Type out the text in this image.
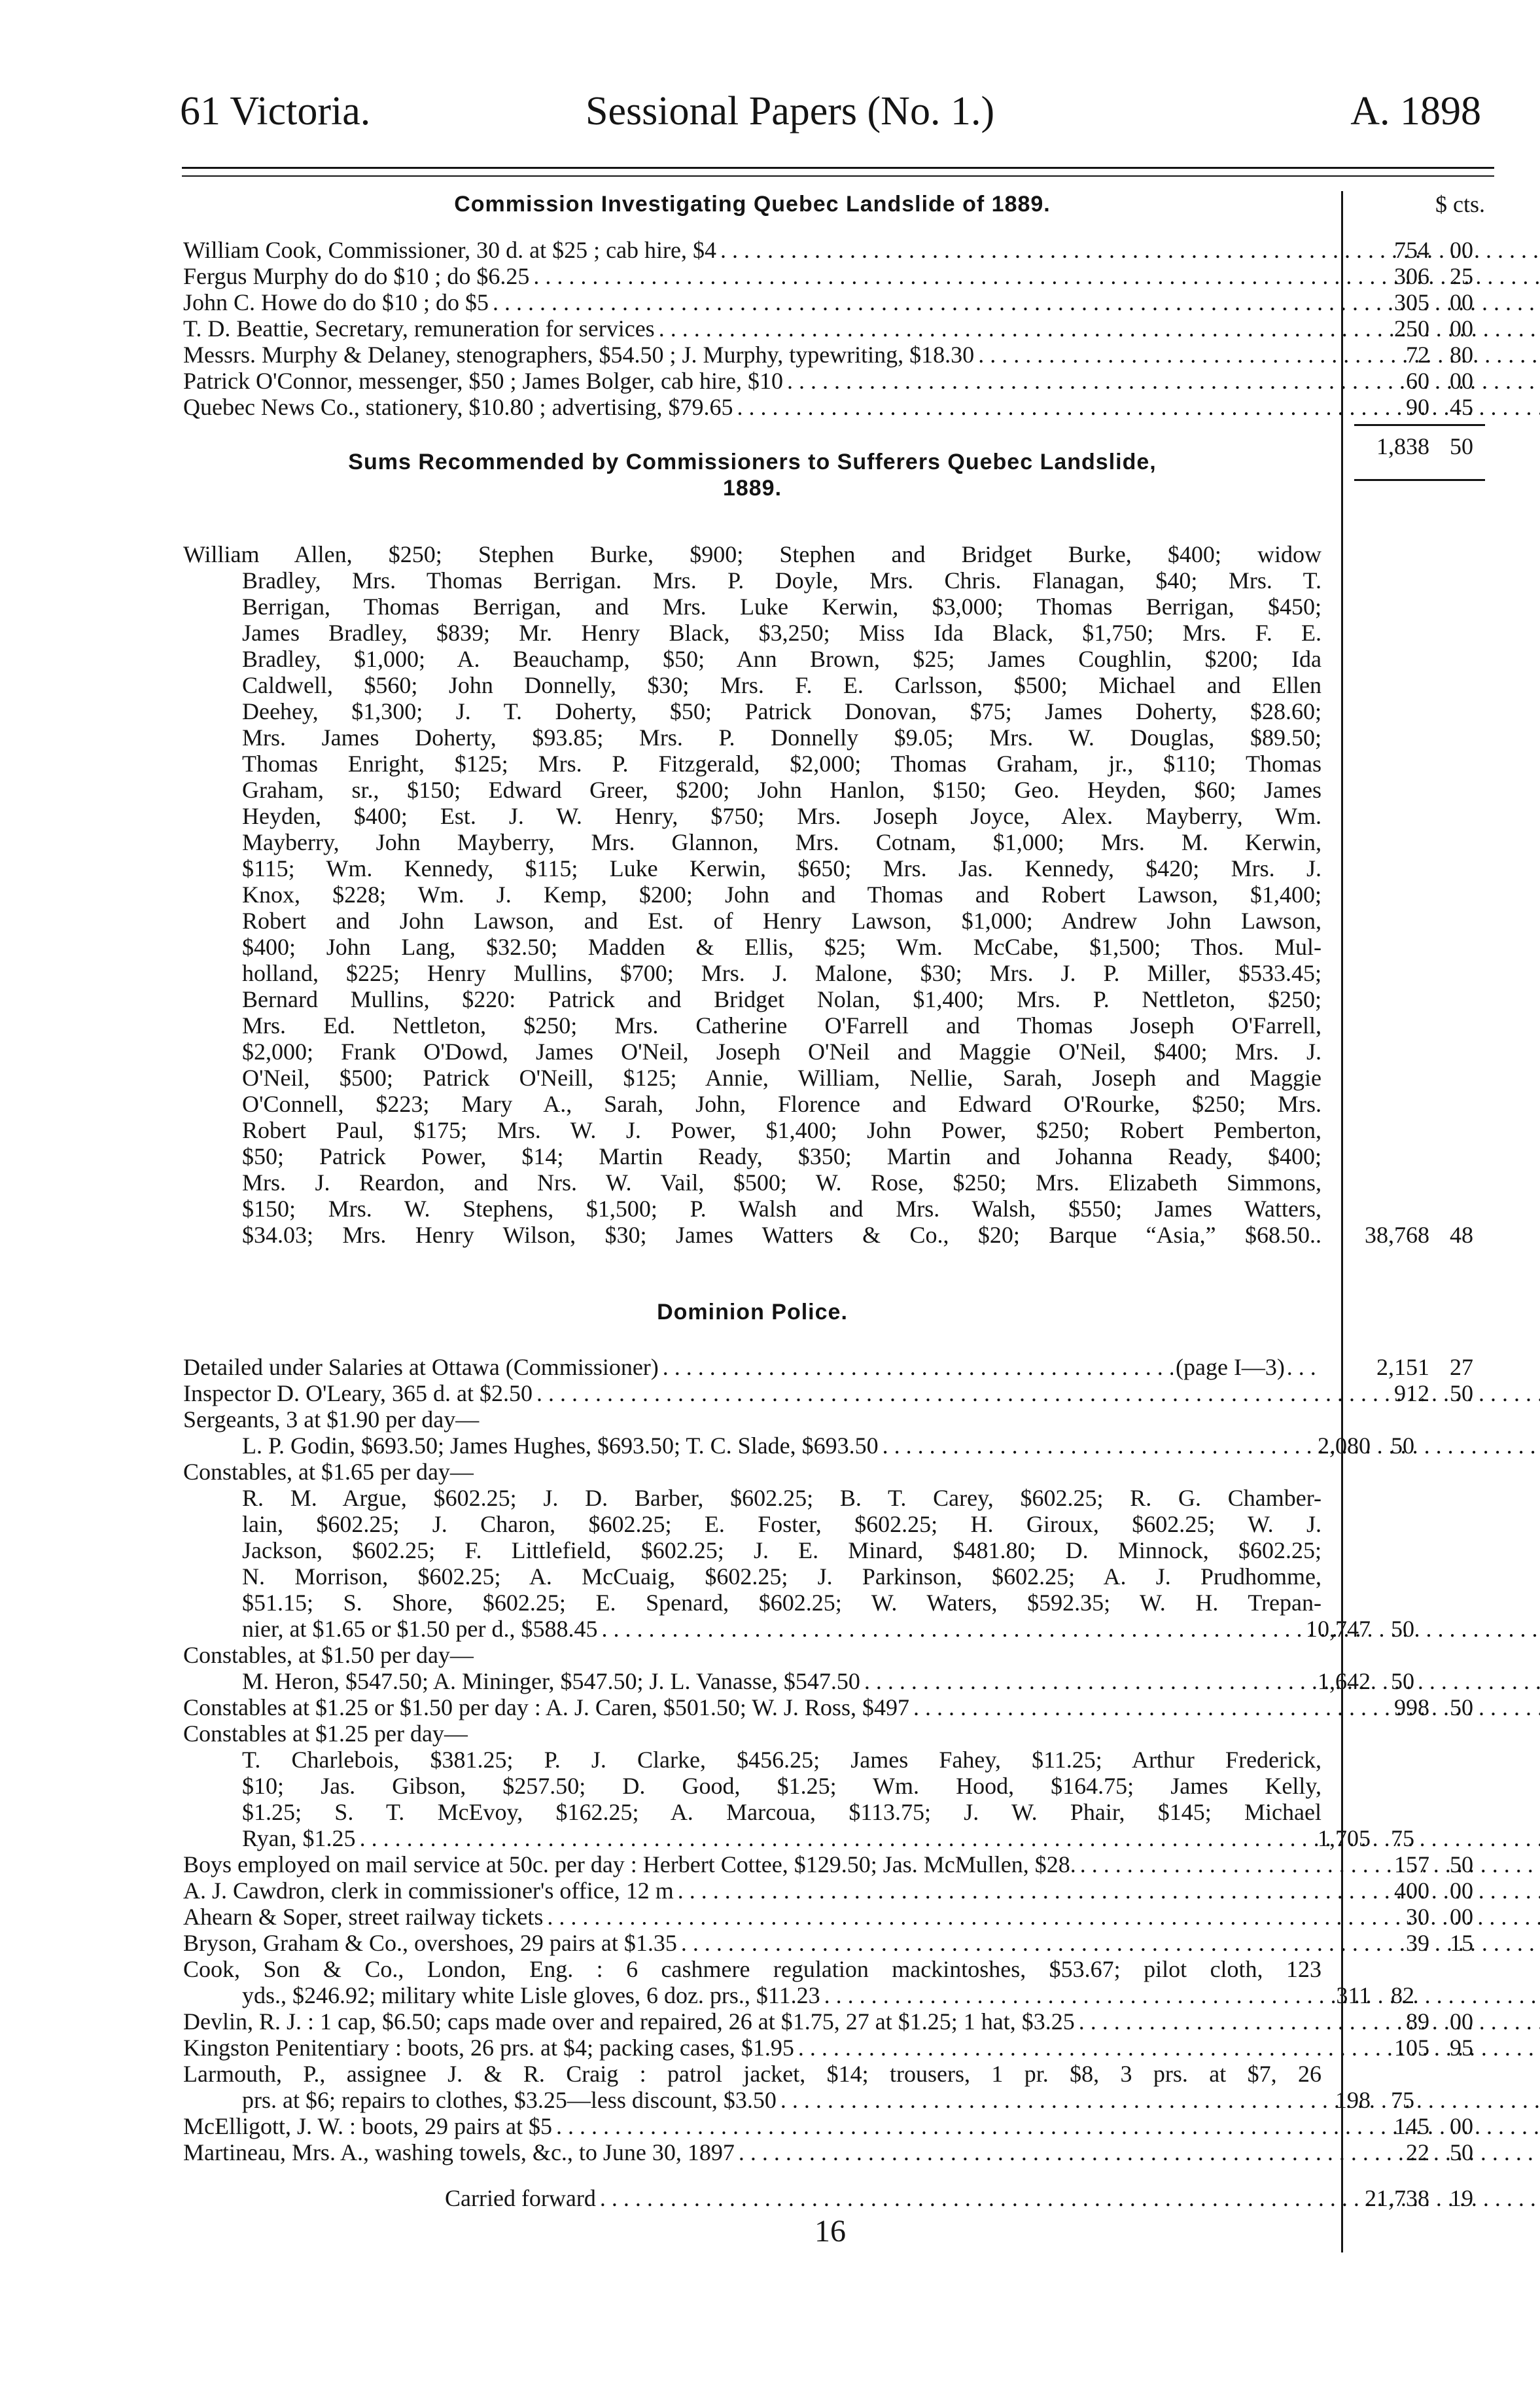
61 Victoria.	Sessional Papers (No. 1.)	A. 1898
$ cts.
Commission Investigating Quebec Landslide of 1889.
William Cook, Commissioner, 30 d. at $25 ; cab hire, $4	754 00
Fergus Murphy do do $10 ; do $6.25	306 25
John C. Howe do do $10 ; do $5	305 00
T. D. Beattie, Secretary, remuneration for services	250 00
Messrs. Murphy & Delaney, stenographers, $54.50 ; J. Murphy, typewriting, $18.30	72 80
Patrick O'Connor, messenger, $50 ; James Bolger, cab hire, $10	60 00
Quebec News Co., stationery, $10.80 ; advertising, $79.65	90 45
1,838 50
Sums Recommended by Commissioners to Sufferers Quebec Landslide,
1889.
William Allen, $250; Stephen Burke, $900; Stephen and Bridget Burke, $400; widow
Bradley, Mrs. Thomas Berrigan. Mrs. P. Doyle, Mrs. Chris. Flanagan, $40; Mrs. T.
Berrigan, Thomas Berrigan, and Mrs. Luke Kerwin, $3,000; Thomas Berrigan, $450;
James Bradley, $839; Mr. Henry Black, $3,250; Miss Ida Black, $1,750; Mrs. F. E.
Bradley, $1,000; A. Beauchamp, $50; Ann Brown, $25; James Coughlin, $200; Ida
Caldwell, $560; John Donnelly, $30; Mrs. F. E. Carlsson, $500; Michael and Ellen
Deehey, $1,300; J. T. Doherty, $50; Patrick Donovan, $75; James Doherty, $28.60;
Mrs. James Doherty, $93.85; Mrs. P. Donnelly $9.05; Mrs. W. Douglas, $89.50;
Thomas Enright, $125; Mrs. P. Fitzgerald, $2,000; Thomas Graham, jr., $110; Thomas
Graham, sr., $150; Edward Greer, $200; John Hanlon, $150; Geo. Heyden, $60; James
Heyden, $400; Est. J. W. Henry, $750; Mrs. Joseph Joyce, Alex. Mayberry, Wm.
Mayberry, John Mayberry, Mrs. Glannon, Mrs. Cotnam, $1,000; Mrs. M. Kerwin,
$115; Wm. Kennedy, $115; Luke Kerwin, $650; Mrs. Jas. Kennedy, $420; Mrs. J.
Knox, $228; Wm. J. Kemp, $200; John and Thomas and Robert Lawson, $1,400;
Robert and John Lawson, and Est. of Henry Lawson, $1,000; Andrew John Lawson,
$400; John Lang, $32.50; Madden & Ellis, $25; Wm. McCabe, $1,500; Thos. Mul-
holland, $225; Henry Mullins, $700; Mrs. J. Malone, $30; Mrs. J. P. Miller, $533.45;
Bernard Mullins, $220: Patrick and Bridget Nolan, $1,400; Mrs. P. Nettleton, $250;
Mrs. Ed. Nettleton, $250; Mrs. Catherine O'Farrell and Thomas Joseph O'Farrell,
$2,000; Frank O'Dowd, James O'Neil, Joseph O'Neil and Maggie O'Neil, $400; Mrs. J.
O'Neil, $500; Patrick O'Neill, $125; Annie, William, Nellie, Sarah, Joseph and Maggie
O'Connell, $223; Mary A., Sarah, John, Florence and Edward O'Rourke, $250; Mrs.
Robert Paul, $175; Mrs. W. J. Power, $1,400; John Power, $250; Robert Pemberton,
$50; Patrick Power, $14; Martin Ready, $350; Martin and Johanna Ready, $400;
Mrs. J. Reardon, and Nrs. W. Vail, $500; W. Rose, $250; Mrs. Elizabeth Simmons,
$150; Mrs. W. Stephens, $1,500; P. Walsh and Mrs. Walsh, $550; James Watters,
$34.03; Mrs. Henry Wilson, $30; James Watters & Co., $20; Barque “Asia,” $68.50..	38,768 48
Dominion Police.
Detailed under Salaries at Ottawa (Commissioner)	(page I—3)	2,151 27
Inspector D. O'Leary, 365 d. at $2.50	912 50
Sergeants, 3 at $1.90 per day—
L. P. Godin, $693.50; James Hughes, $693.50; T. C. Slade, $693.50	2,080 50
Constables, at $1.65 per day—
R. M. Argue, $602.25; J. D. Barber, $602.25; B. T. Carey, $602.25; R. G. Chamber-
lain, $602.25; J. Charon, $602.25; E. Foster, $602.25; H. Giroux, $602.25; W. J.
Jackson, $602.25; F. Littlefield, $602.25; J. E. Minard, $481.80; D. Minnock, $602.25;
N. Morrison, $602.25; A. McCuaig, $602.25; J. Parkinson, $602.25; A. J. Prudhomme,
$51.15; S. Shore, $602.25; E. Spenard, $602.25; W. Waters, $592.35; W. H. Trepan-
nier, at $1.65 or $1.50 per d., $588.45	10,747 50
Constables, at $1.50 per day—
M. Heron, $547.50; A. Mininger, $547.50; J. L. Vanasse, $547.50	1,642 50
Constables at $1.25 or $1.50 per day : A. J. Caren, $501.50; W. J. Ross, $497	998 50
Constables at $1.25 per day—
T. Charlebois, $381.25; P. J. Clarke, $456.25; James Fahey, $11.25; Arthur Frederick,
$10; Jas. Gibson, $257.50; D. Good, $1.25; Wm. Hood, $164.75; James Kelly,
$1.25; S. T. McEvoy, $162.25; A. Marcoua, $113.75; J. W. Phair, $145; Michael
Ryan, $1.25	1,705 75
Boys employed on mail service at 50c. per day : Herbert Cottee, $129.50; Jas. McMullen, $28.	157 50
A. J. Cawdron, clerk in commissioner's office, 12 m	400 00
Ahearn & Soper, street railway tickets	30 00
Bryson, Graham & Co., overshoes, 29 pairs at $1.35	39 15
Cook, Son & Co., London, Eng. : 6 cashmere regulation mackintoshes, $53.67; pilot cloth, 123
yds., $246.92; military white Lisle gloves, 6 doz. prs., $11.23	311 82
Devlin, R. J. : 1 cap, $6.50; caps made over and repaired, 26 at $1.75, 27 at $1.25; 1 hat, $3.25	89 00
Kingston Penitentiary : boots, 26 prs. at $4; packing cases, $1.95	105 95
Larmouth, P., assignee J. & R. Craig : patrol jacket, $14; trousers, 1 pr. $8, 3 prs. at $7, 26
prs. at $6; repairs to clothes, $3.25—less discount, $3.50	198 75
McElligott, J. W. : boots, 29 pairs at $5	145 00
Martineau, Mrs. A., washing towels, &c., to June 30, 1897	22 50
Carried forward	21,738 19
16
